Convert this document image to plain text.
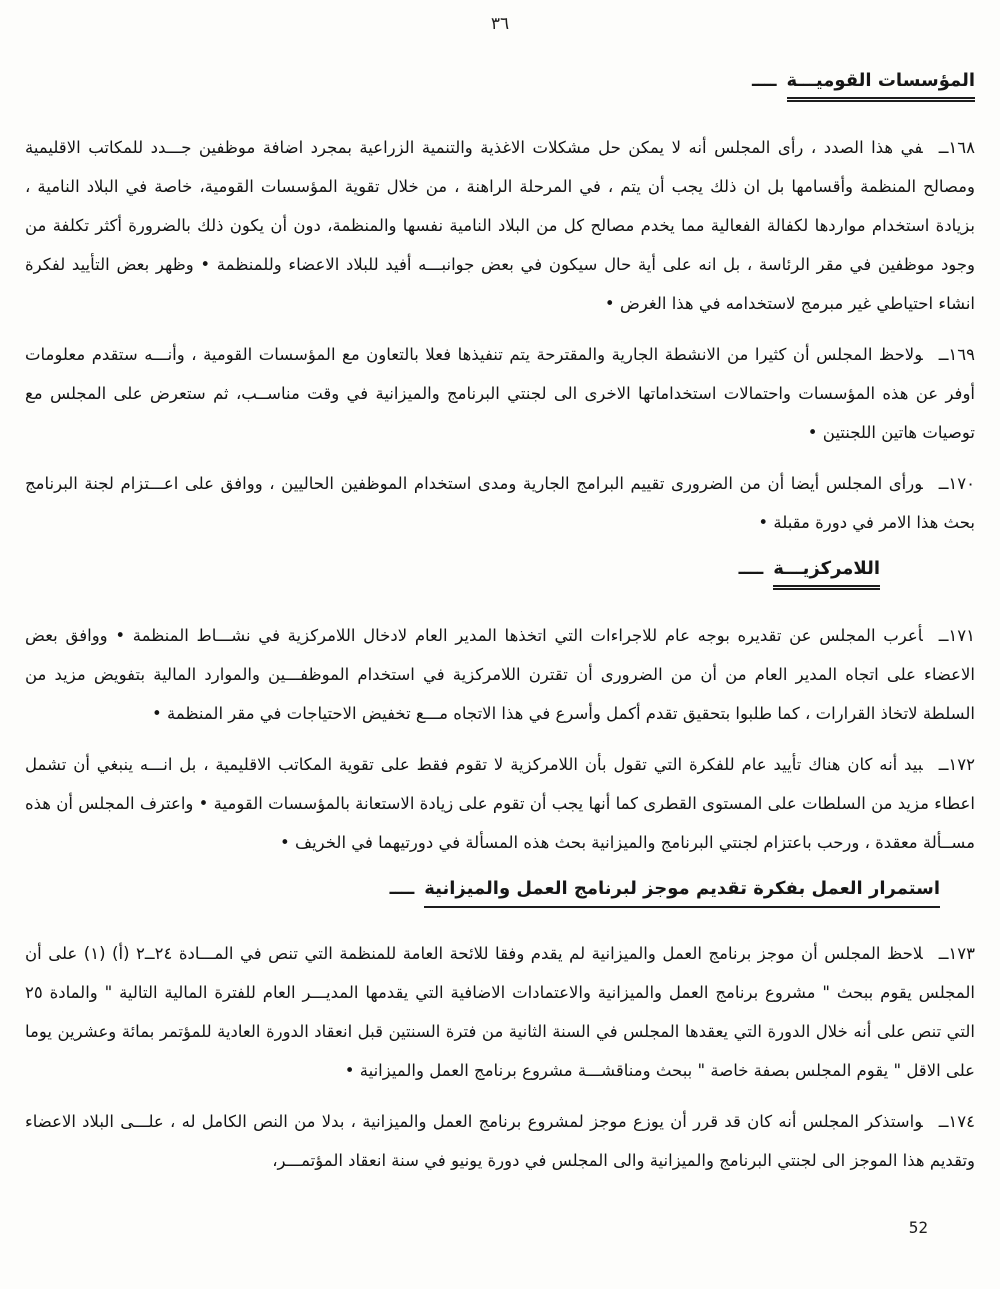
٣٦
المؤسسات القوميـــةــــ

١٦٨ــفي هذا الصدد ، رأى المجلس أنه لا يمكن حل مشكلات الاغذية والتنمية الزراعية بمجرد اضافة موظفين جـــدد للمكاتب الاقليمية ومصالح المنظمة وأقسامها بل ان ذلك يجب أن يتم ، في المرحلة الراهنة ، من خلال تقوية المؤسسات القومية، خاصة في البلاد النامية ، بزيادة استخدام مواردها لكفالة الفعالية مما يخدم مصالح كل من البلاد النامية نفسها والمنظمة، دون أن يكون ذلك بالضرورة أكثر تكلفة من وجود موظفين في مقر الرئاسة ، بل انه على أية حال سيكون في بعض جوانبـــه أفيد للبلاد الاعضاء وللمنظمة • وظهر بعض التأييد لفكرة انشاء احتياطي غير مبرمج لاستخدامه في هذا الغرض •

١٦٩ــولاحظ المجلس أن كثيرا من الانشطة الجارية والمقترحة يتم تنفيذها فعلا بالتعاون مع المؤسسات القومية ، وأنـــه ستقدم معلومات أوفر عن هذه المؤسسات واحتمالات استخداماتها الاخرى الى لجنتي البرنامج والميزانية في وقت مناســب، ثم ستعرض على المجلس مع توصيات هاتين اللجنتين •

١٧٠ــورأى المجلس أيضا أن من الضرورى تقييم البرامج الجارية ومدى استخدام الموظفين الحاليين ، ووافق على اعـــتزام لجنة البرنامج بحث هذا الامر في دورة مقبلة •

اللامركزيـــةــــ

١٧١ــأعرب المجلس عن تقديره بوجه عام للاجراءات التي اتخذها المدير العام لادخال اللامركزية في نشـــاط المنظمة • ووافق بعض الاعضاء على اتجاه المدير العام من أن من الضرورى أن تقترن اللامركزية في استخدام الموظفـــين والموارد المالية بتفويض مزيد من السلطة لاتخاذ القرارات ، كما طلبوا بتحقيق تقدم أكمل وأسرع في هذا الاتجاه مـــع تخفيض الاحتياجات في مقر المنظمة •

١٧٢ــبيد أنه كان هناك تأييد عام للفكرة التي تقول بأن اللامركزية لا تقوم فقط على تقوية المكاتب الاقليمية ، بل انـــه ينبغي أن تشمل اعطاء مزيد من السلطات على المستوى القطرى كما أنها يجب أن تقوم على زيادة الاستعانة بالمؤسسات القومية • واعترف المجلس أن هذه مســألة معقدة ، ورحب باعتزام لجنتي البرنامج والميزانية بحث هذه المسألة في دورتيهما في الخريف •

استمرار العمل بفكرة تقديم موجز لبرنامج العمل والميزانيةــــ

١٧٣ــلاحظ المجلس أن موجز برنامج العمل والميزانية لم يقدم وفقا للائحة العامة للمنظمة التي تنص في المـــادة ٢٤ــ٢ (أ) (١) على أن المجلس يقوم ببحث " مشروع برنامج العمل والميزانية والاعتمادات الاضافية التي يقدمها المديـــر العام للفترة المالية التالية " والمادة ٢٥ التي تنص على أنه خلال الدورة التي يعقدها المجلس في السنة الثانية من فترة السنتين قبل انعقاد الدورة العادية للمؤتمر بمائة وعشرين يوما على الاقل " يقوم المجلس بصفة خاصة " ببحث ومناقشـــة مشروع برنامج العمل والميزانية •

١٧٤ــواستذكر المجلس أنه كان قد قرر أن يوزع موجز لمشروع برنامج العمل والميزانية ، بدلا من النص الكامل له ، علـــى البلاد الاعضاء وتقديم هذا الموجز الى لجنتي البرنامج والميزانية والى المجلس في دورة يونيو في سنة انعقاد المؤتمـــر،

52
